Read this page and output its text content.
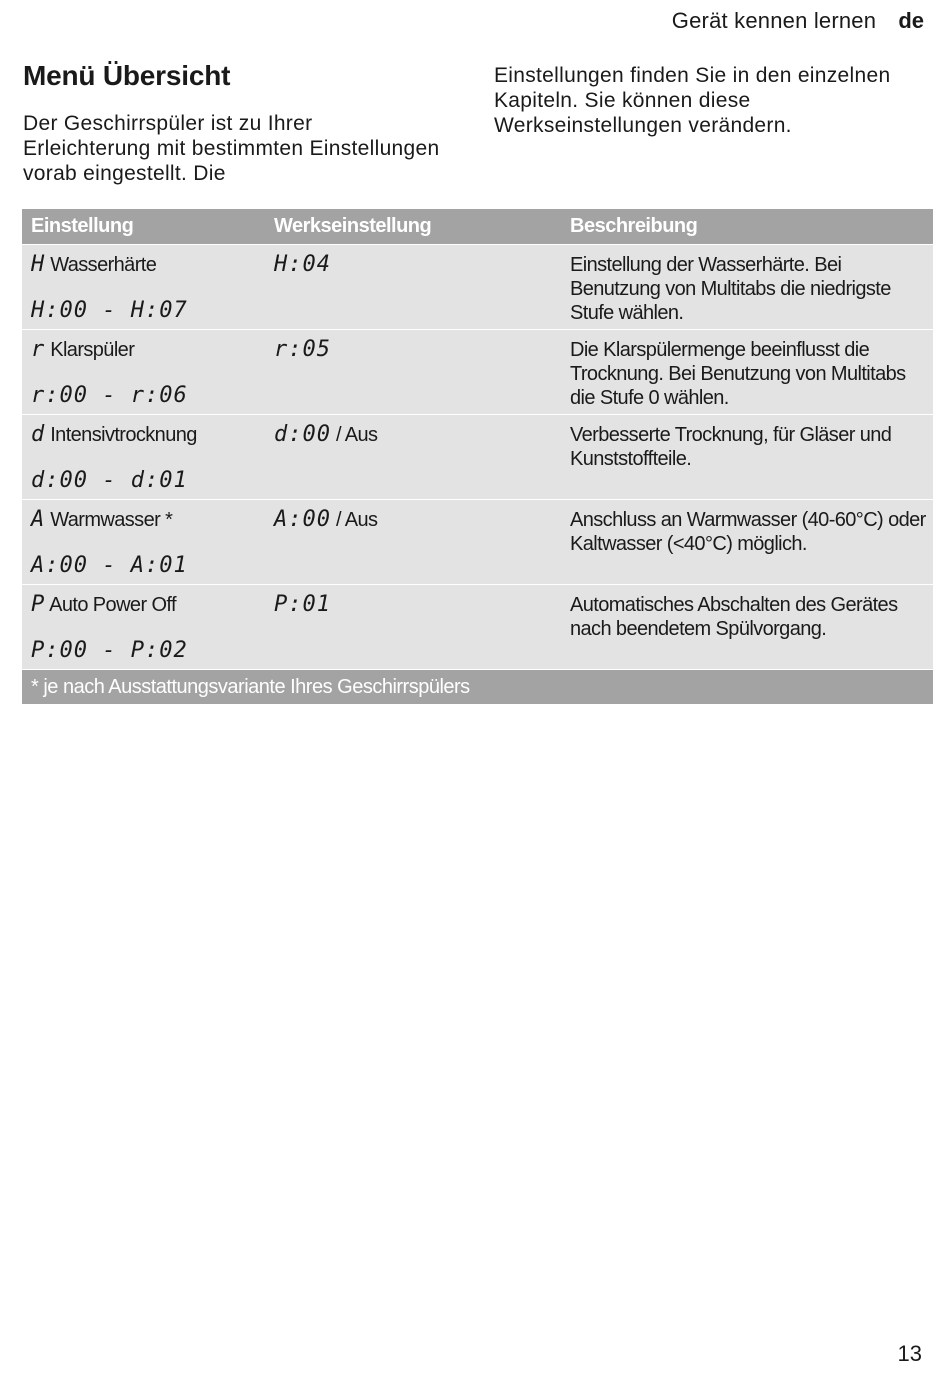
Gerät kennen lernen de
Menü Übersicht

Der Geschirrspüler ist zu Ihrer Erleichterung mit bestimmten Einstellungen vorab eingestellt. Die

Einstellungen finden Sie in den einzelnen Kapiteln. Sie können diese Werkseinstellungen verändern.

Einstellung	Werkseinstellung	Beschreibung

H Wasserhärte
H:00 - H:07	H:04	Einstellung der Wasserhärte. Bei Benutzung von Multitabs die niedrigste Stufe wählen.

r Klarspüler
r:00 - r:06	r:05	Die Klarspülermenge beeinflusst die Trocknung. Bei Benutzung von Multitabs die Stufe 0 wählen.

d Intensivtrocknung
d:00 - d:01	d:00 / Aus	Verbesserte Trocknung, für Gläser und Kunststoffteile.

A Warmwasser *
A:00 - A:01	A:00 / Aus	Anschluss an Warmwasser (40-60°C) oder Kaltwasser (<40°C) möglich.

P Auto Power Off
P:00 - P:02	P:01	Automatisches Abschalten des Gerätes nach beendetem Spülvorgang.
* je nach Ausstattungsvariante Ihres Geschirrspülers		
13
